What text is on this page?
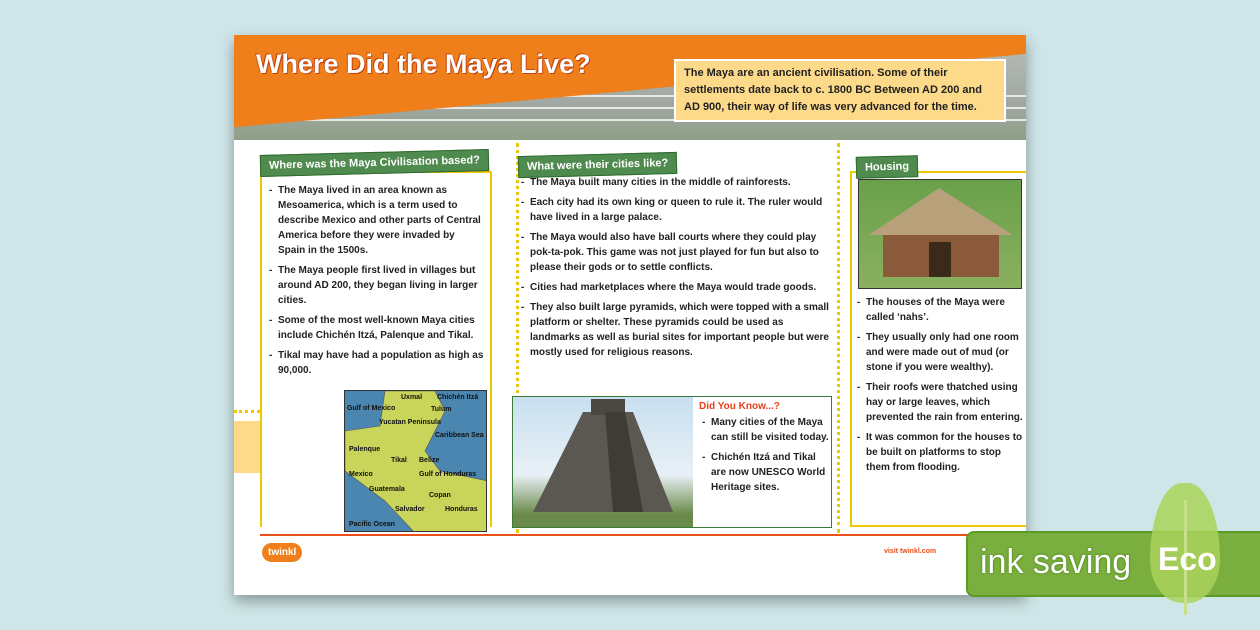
Where Did the Maya Live?	The Maya are an ancient civilisation. Some of their settlements date back to c. 1800 BC Between AD 200 and AD 900, their way of life was very advanced for the time.
- The Maya lived in an area known as Mesoamerica, which is a term used to describe Mexico and other parts of Central America before they were invaded by Spain in the 1500s.
- The Maya people first lived in villages but around AD 200, they began living in larger cities.
- Some of the most well-known Maya cities include Chichén Itzá, Palenque and Tikal.
- Tikal may have had a population as high as 90,000.
Where was the Maya Civilisation based?
Gulf of Mexico
Uxmal Chichén Itzá
Tulum
Yucatan Peninsula
Caribbean Sea
Palenque
Tikal Belize
Gulf of Honduras
Mexico
Guatemala
Copan
Salvador	Honduras
Pacific Ocean
- The Maya built many cities in the middle of rainforests.
- Each city had its own king or queen to rule it. The ruler would have lived in a large palace.
- The Maya would also have ball courts where they could play pok-ta-pok. This game was not just played for fun but also to please their gods or to settle conflicts.
- Cities had marketplaces where the Maya would trade goods.
- They also built large pyramids, which were topped with a small platform or shelter. These pyramids could be used as landmarks as well as burial sites for important people but were mostly used for religious reasons.
What were their cities like?
Did You Know...?
- Many cities of the Maya can still be visited today.
- Chichén Itzá and Tikal are now UNESCO World Heritage sites.
- The houses of the Maya were called ‘nahs’.
- They usually only had one room and were made out of mud (or stone if you were wealthy).
- Their roofs were thatched using hay or large leaves, which prevented the rain from entering.
- It was common for the houses to be built on platforms to stop them from flooding.
Housing
twinkl	visit twinkl.com ink saving Eco
